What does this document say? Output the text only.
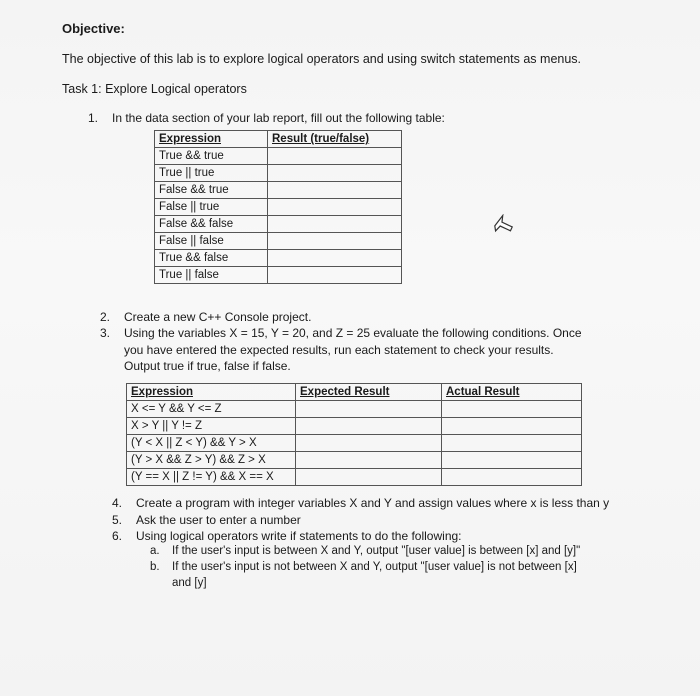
Objective:
The objective of this lab is to explore logical operators and using switch statements as menus.
Task 1: Explore Logical operators
1. In the data section of your lab report, fill out the following table:
Expression	Result (true/false)
True && true	
True || true	
False && true	
False || true	
False && false	
False || false	
True && false	
True || false	
2. Create a new C++ Console project.
3. Using the variables X = 15, Y = 20, and Z = 25 evaluate the following conditions. Once
you have entered the expected results, run each statement to check your results.
Output true if true, false if false.
Expression	Expected Result	Actual Result
X <= Y && Y <= Z		
X > Y || Y != Z		
(Y < X || Z < Y) && Y > X		
(Y > X && Z > Y) && Z > X		
(Y == X || Z != Y) && X == X		
4. Create a program with integer variables X and Y and assign values where x is less than y
5. Ask the user to enter a number
6. Using logical operators write if statements to do the following:
a. If the user's input is between X and Y, output "[user value] is between [x] and [y]"
b. If the user's input is not between X and Y, output "[user value] is not between [x]
and [y]
